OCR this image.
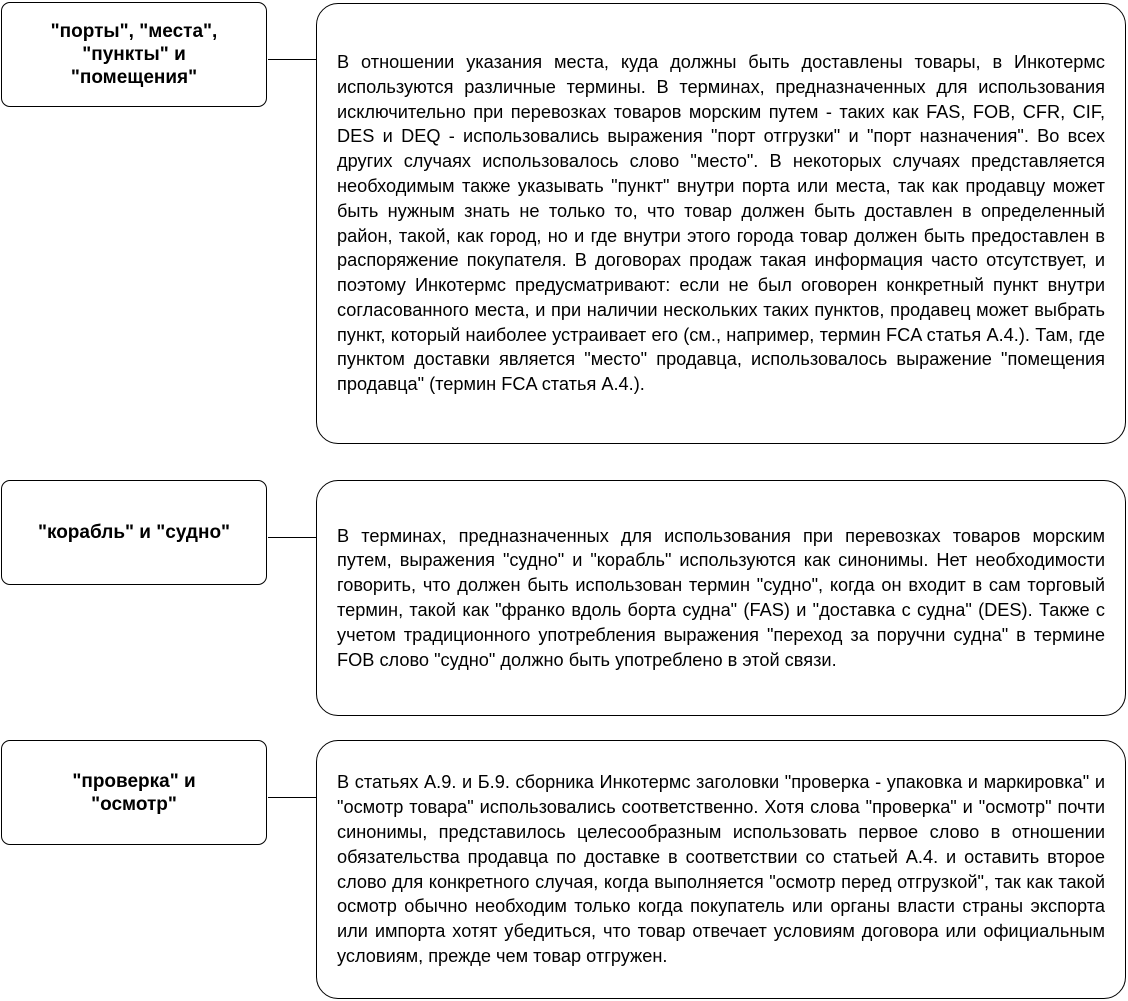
"порты", "места",
"пункты" и
"помещения"
В отношении указания места, куда должны быть доставлены товары, в Инкотермс используются различные термины. В терминах, предназначенных для использования исключительно при перевозках товаров морским путем - таких как FAS, FOB, CFR, CIF, DES и DEQ - использовались выражения "порт отгрузки" и "порт назначения". Во всех других случаях использовалось слово "место". В некоторых случаях представляется необходимым также указывать "пункт" внутри порта или места, так как продавцу может быть нужным знать не только то, что товар должен быть доставлен в определенный район, такой, как город, но и где внутри этого города товар должен быть предоставлен в распоряжение покупателя. В договорах продаж такая информация часто отсутствует, и поэтому Инкотермс предусматривают: если не был оговорен конкретный пункт внутри согласованного места, и при наличии нескольких таких пунктов, продавец может выбрать пункт, который наиболее устраивает его (см., например, термин FCA статья А.4.). Там, где пунктом доставки является "место" продавца, использовалось выражение "помещения продавца" (термин FCA статья А.4.).
"корабль" и "судно"	В терминах, предназначенных для использования при перевозках товаров морским путем, выражения "судно" и "корабль" используются как синонимы. Нет необходимости говорить, что должен быть использован термин "судно", когда он входит в сам торговый термин, такой как "франко вдоль борта судна" (FAS) и "доставка с судна" (DES). Также с учетом традиционного употребления выражения "переход за поручни судна" в термине FOB слово "судно" должно быть употреблено в этой связи.
"проверка" и
"осмотр"
В статьях А.9. и Б.9. сборника Инкотермс заголовки "проверка - упаковка и маркировка" и "осмотр товара" использовались соответственно. Хотя слова "проверка" и "осмотр" почти синонимы, представилось целесообразным использовать первое слово в отношении обязательства продавца по доставке в соответствии со статьей А.4. и оставить второе слово для конкретного случая, когда выполняется "осмотр перед отгрузкой", так как такой осмотр обычно необходим только когда покупатель или органы власти страны экспорта или импорта хотят убедиться, что товар отвечает условиям договора или официальным условиям, прежде чем товар отгружен.
